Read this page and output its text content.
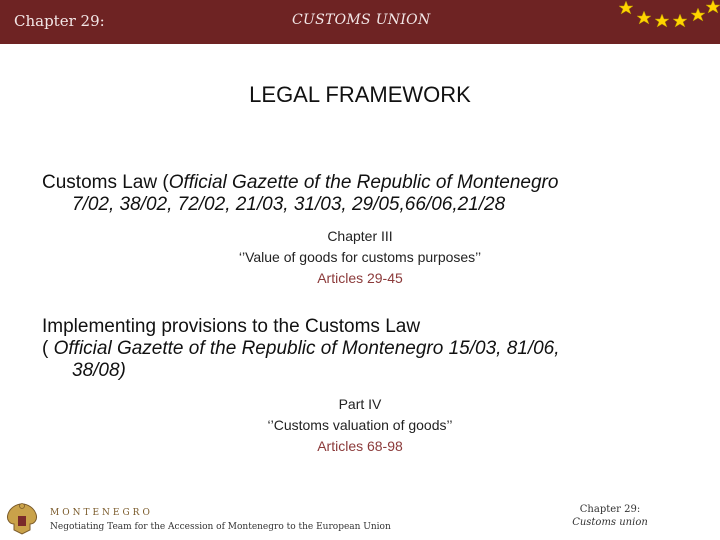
Chapter 29:	CUSTOMS UNION
LEGAL FRAMEWORK
Customs Law (Official Gazette of the Republic of Montenegro
7/02, 38/02, 72/02, 21/03, 31/03, 29/05,66/06,21/28
Chapter III
‘’Value of goods for customs purposes’’
Articles 29-45
Implementing provisions to the Customs Law
( Official Gazette of the Republic of Montenegro 15/03, 81/06,
38/08)
Part IV
‘’Customs valuation of goods’’
Articles 68-98
MONTENEGRO
Negotiating Team for the Accession of Montenegro to the European Union
Chapter 29:
Customs union
